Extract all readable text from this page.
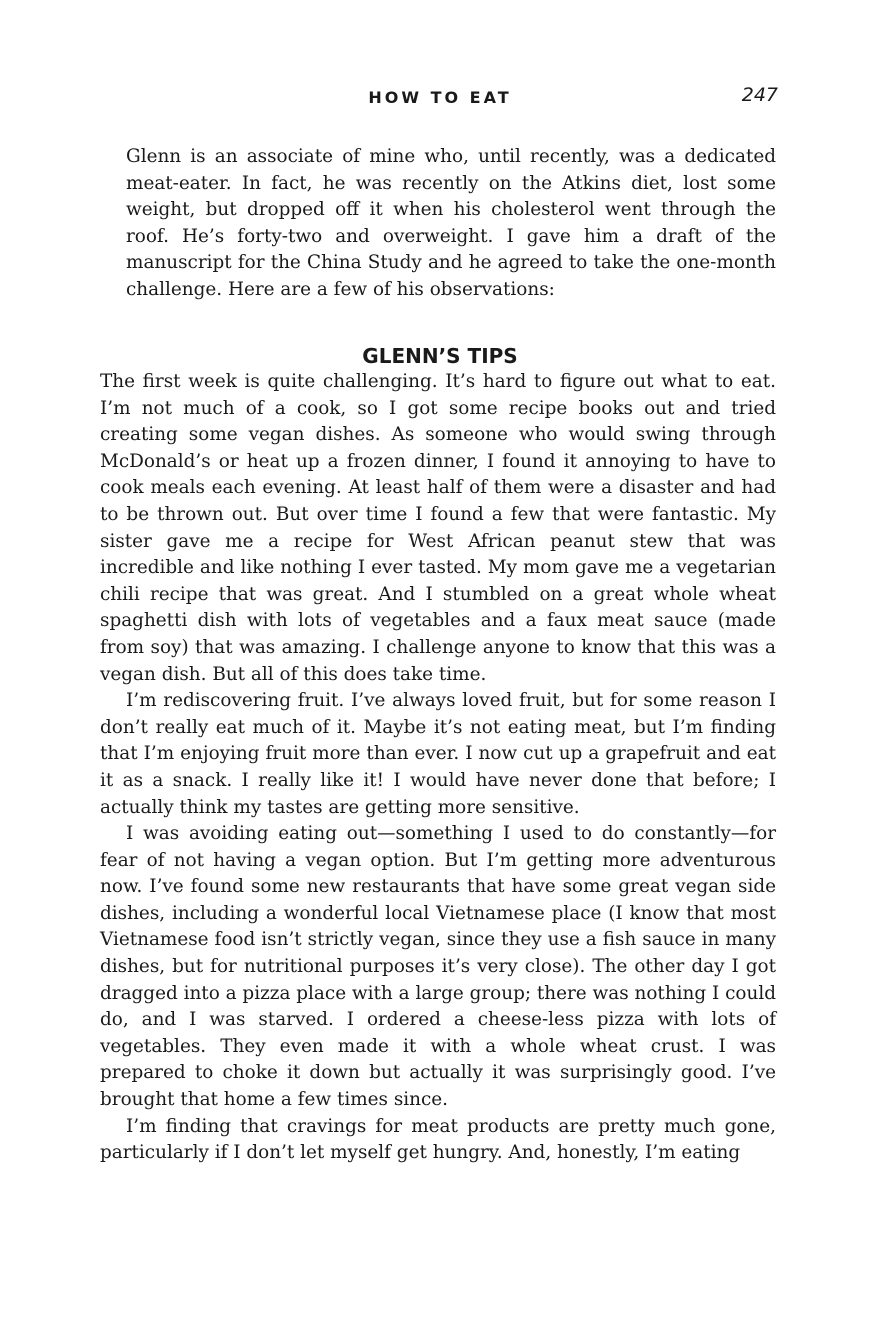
HOW TO EAT	247

Glenn is an associate of mine who, until recently, was a dedicated meat-eater. In fact, he was recently on the Atkins diet, lost some weight, but dropped off it when his cholesterol went through the roof. He’s forty-two and overweight. I gave him a draft of the manuscript for the China Study and he agreed to take the one-month challenge. Here are a few of his observations:

GLENN’S TIPS

The first week is quite challenging. It’s hard to figure out what to eat. I’m not much of a cook, so I got some recipe books out and tried creating some vegan dishes. As someone who would swing through McDonald’s or heat up a frozen dinner, I found it annoying to have to cook meals each evening. At least half of them were a disaster and had to be thrown out. But over time I found a few that were fantastic. My sister gave me a recipe for West African peanut stew that was incredible and like nothing I ever tasted. My mom gave me a vegetarian chili recipe that was great. And I stumbled on a great whole wheat spaghetti dish with lots of vegetables and a faux meat sauce (made from soy) that was amazing. I challenge anyone to know that this was a vegan dish. But all of this does take time.

I’m rediscovering fruit. I’ve always loved fruit, but for some reason I don’t really eat much of it. Maybe it’s not eating meat, but I’m finding that I’m enjoying fruit more than ever. I now cut up a grapefruit and eat it as a snack. I really like it! I would have never done that before; I actually think my tastes are getting more sensitive.

I was avoiding eating out—something I used to do constantly—for fear of not having a vegan option. But I’m getting more adventurous now. I’ve found some new restaurants that have some great vegan side dishes, including a wonderful local Vietnamese place (I know that most Vietnamese food isn’t strictly vegan, since they use a fish sauce in many dishes, but for nutritional purposes it’s very close). The other day I got dragged into a pizza place with a large group; there was nothing I could do, and I was starved. I ordered a cheese-less pizza with lots of vegetables. They even made it with a whole wheat crust. I was prepared to choke it down but actually it was surprisingly good. I’ve brought that home a few times since.

I’m finding that cravings for meat products are pretty much gone, particularly if I don’t let myself get hungry. And, honestly, I’m eating
